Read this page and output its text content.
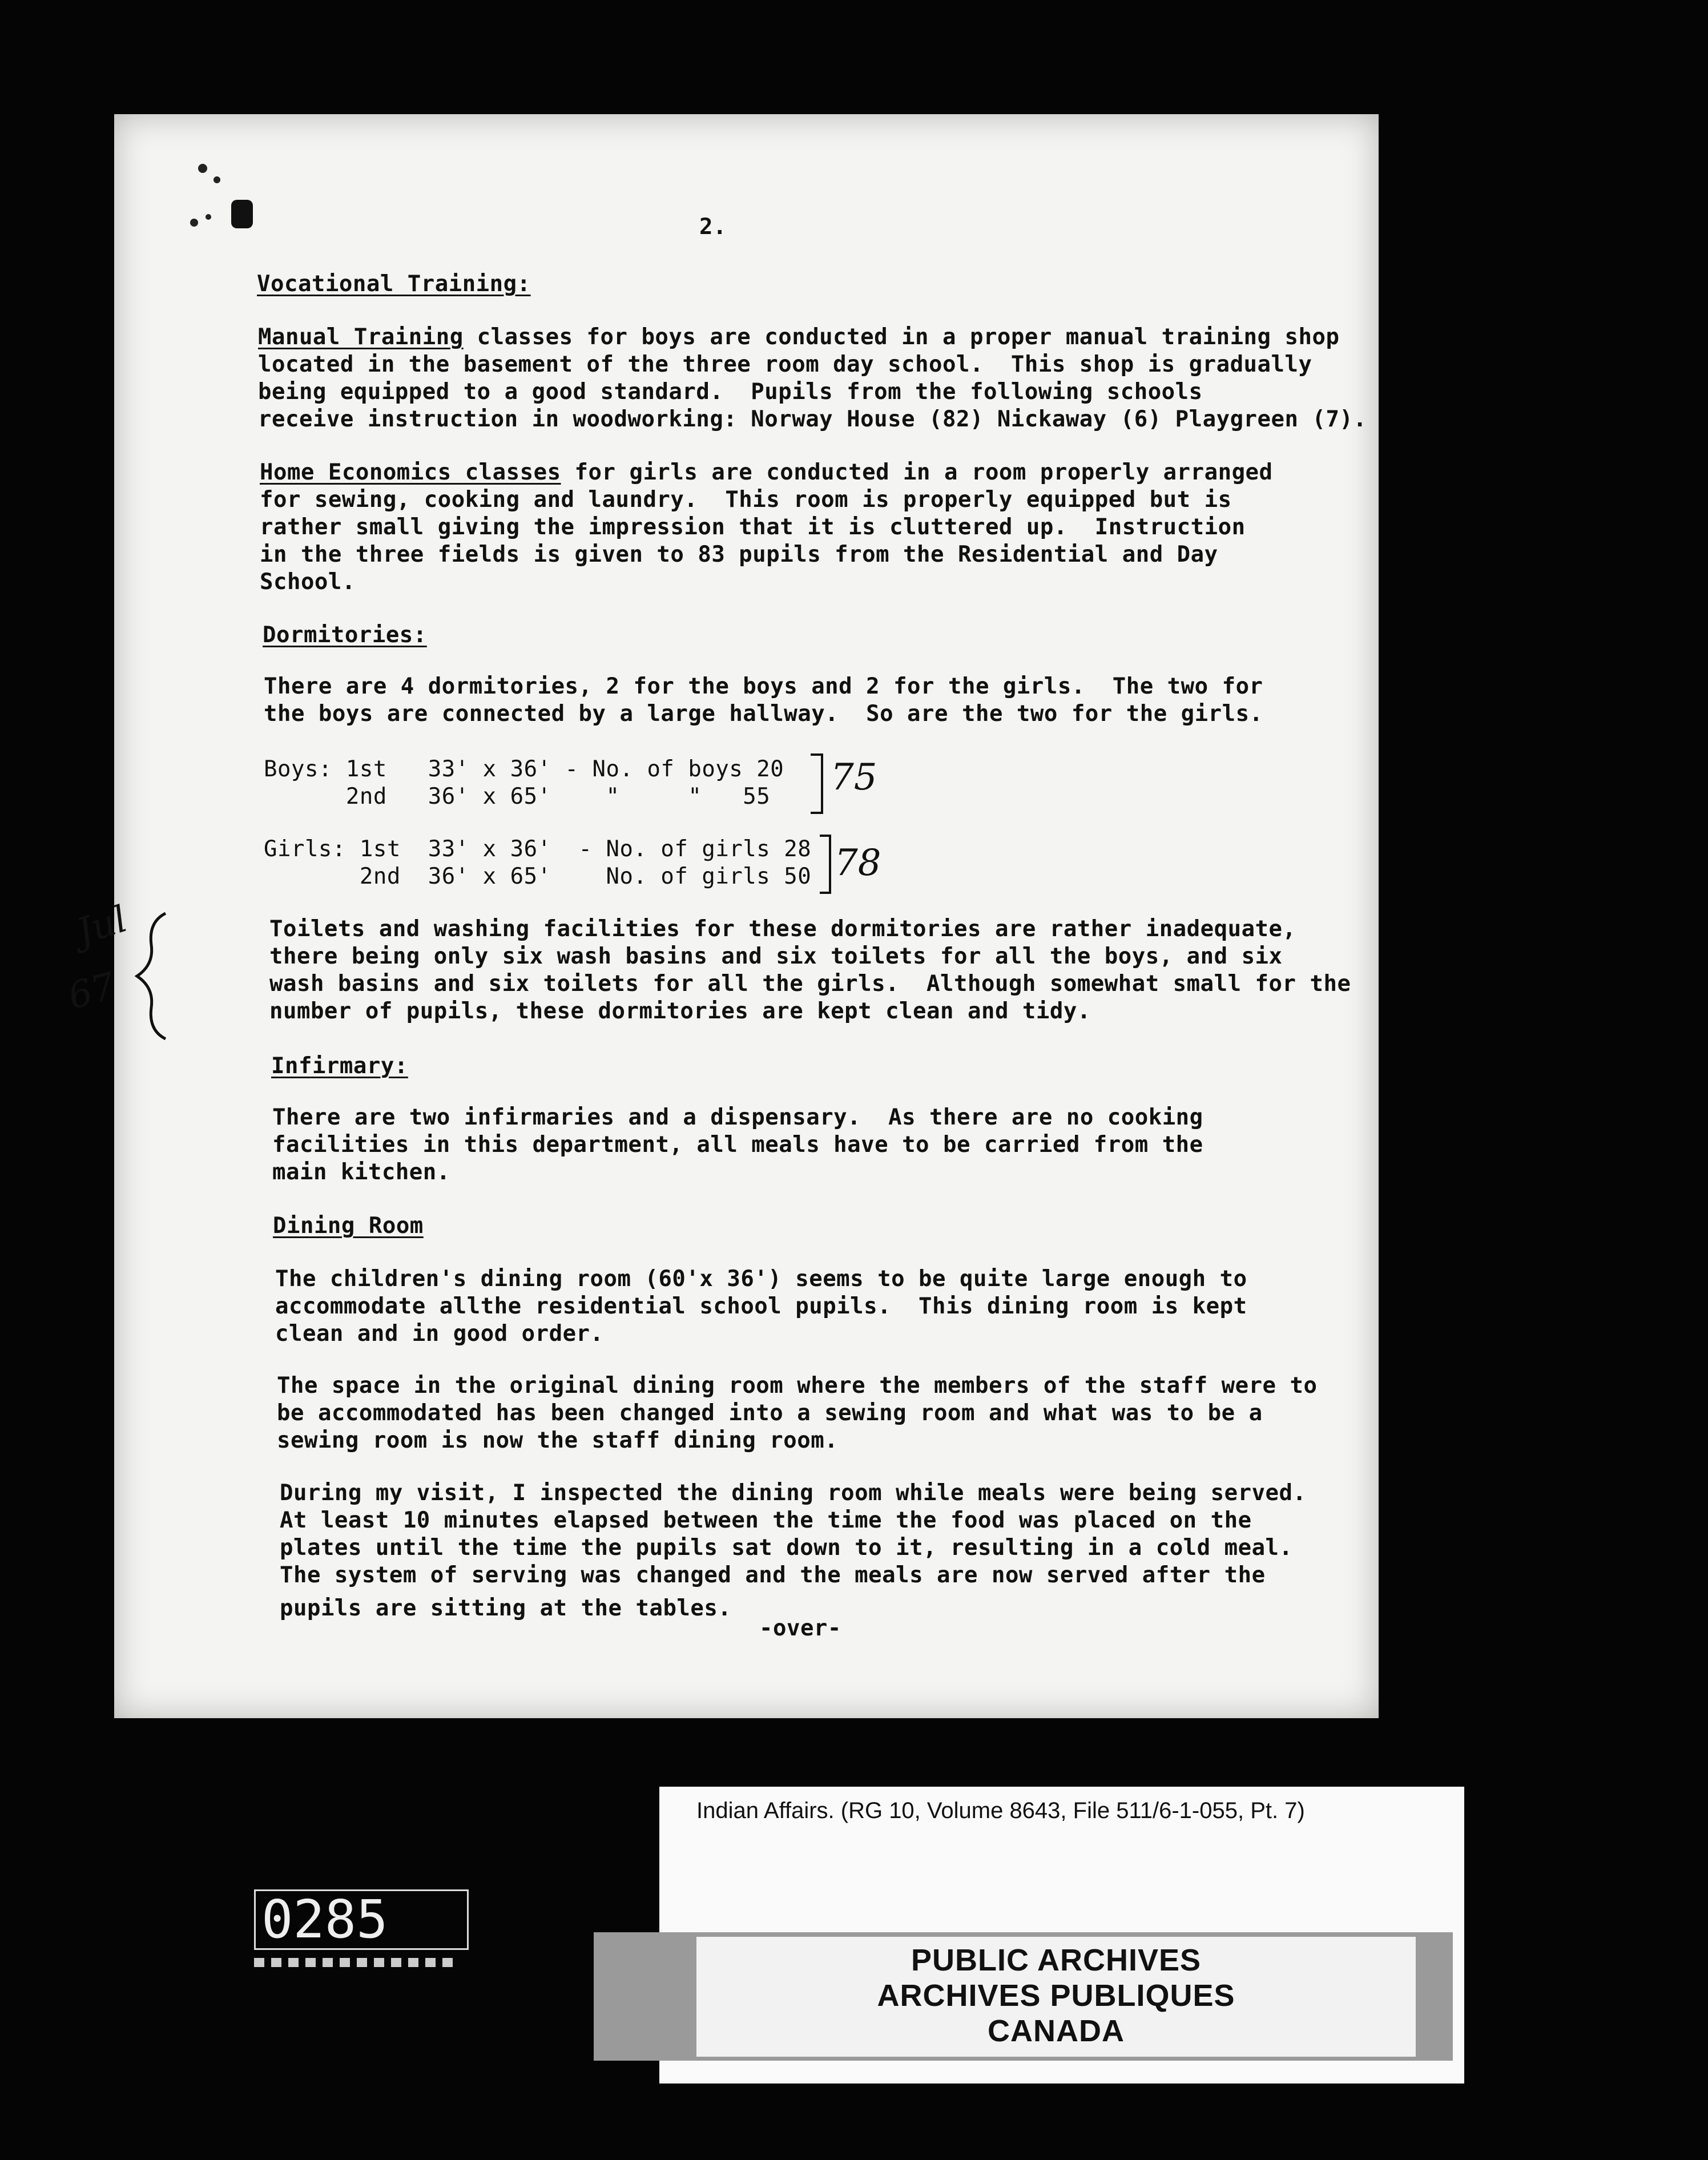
2.
Vocational Training:
Manual Training classes for boys are conducted in a proper manual training shop
located in the basement of the three room day school.  This shop is gradually
being equipped to a good standard.  Pupils from the following schools
receive instruction in woodworking: Norway House (82) Nickaway (6) Playgreen (7).
Home Economics classes for girls are conducted in a room properly arranged
for sewing, cooking and laundry.  This room is properly equipped but is
rather small giving the impression that it is cluttered up.  Instruction
in the three fields is given to 83 pupils from the Residential and Day
School.
Dormitories:
There are 4 dormitories, 2 for the boys and 2 for the girls.  The two for
the boys are connected by a large hallway.  So are the two for the girls.
Boys: 1st   33' x 36' - No. of boys 20
2nd   36' x 65'    "     "   55 75
Girls: 1st  33' x 36'  - No. of girls 28
2nd  36' x 65'    No. of girls 50 78
Jul
67
Toilets and washing facilities for these dormitories are rather inadequate,
there being only six wash basins and six toilets for all the boys, and six
wash basins and six toilets for all the girls.  Although somewhat small for the
number of pupils, these dormitories are kept clean and tidy.
Infirmary:
There are two infirmaries and a dispensary.  As there are no cooking
facilities in this department, all meals have to be carried from the
main kitchen.
Dining Room
The children's dining room (60'x 36') seems to be quite large enough to
accommodate allthe residential school pupils.  This dining room is kept
clean and in good order.
The space in the original dining room where the members of the staff were to
be accommodated has been changed into a sewing room and what was to be a
sewing room is now the staff dining room.
During my visit, I inspected the dining room while meals were being served.
At least 10 minutes elapsed between the time the food was placed on the
plates until the time the pupils sat down to it, resulting in a cold meal.
The system of serving was changed and the meals are now served after the
pupils are sitting at the tables.
-over-
Indian Affairs. (RG 10, Volume 8643, File 511/6-1-055, Pt. 7)
PUBLIC ARCHIVES
ARCHIVES PUBLIQUES
CANADA
0285
